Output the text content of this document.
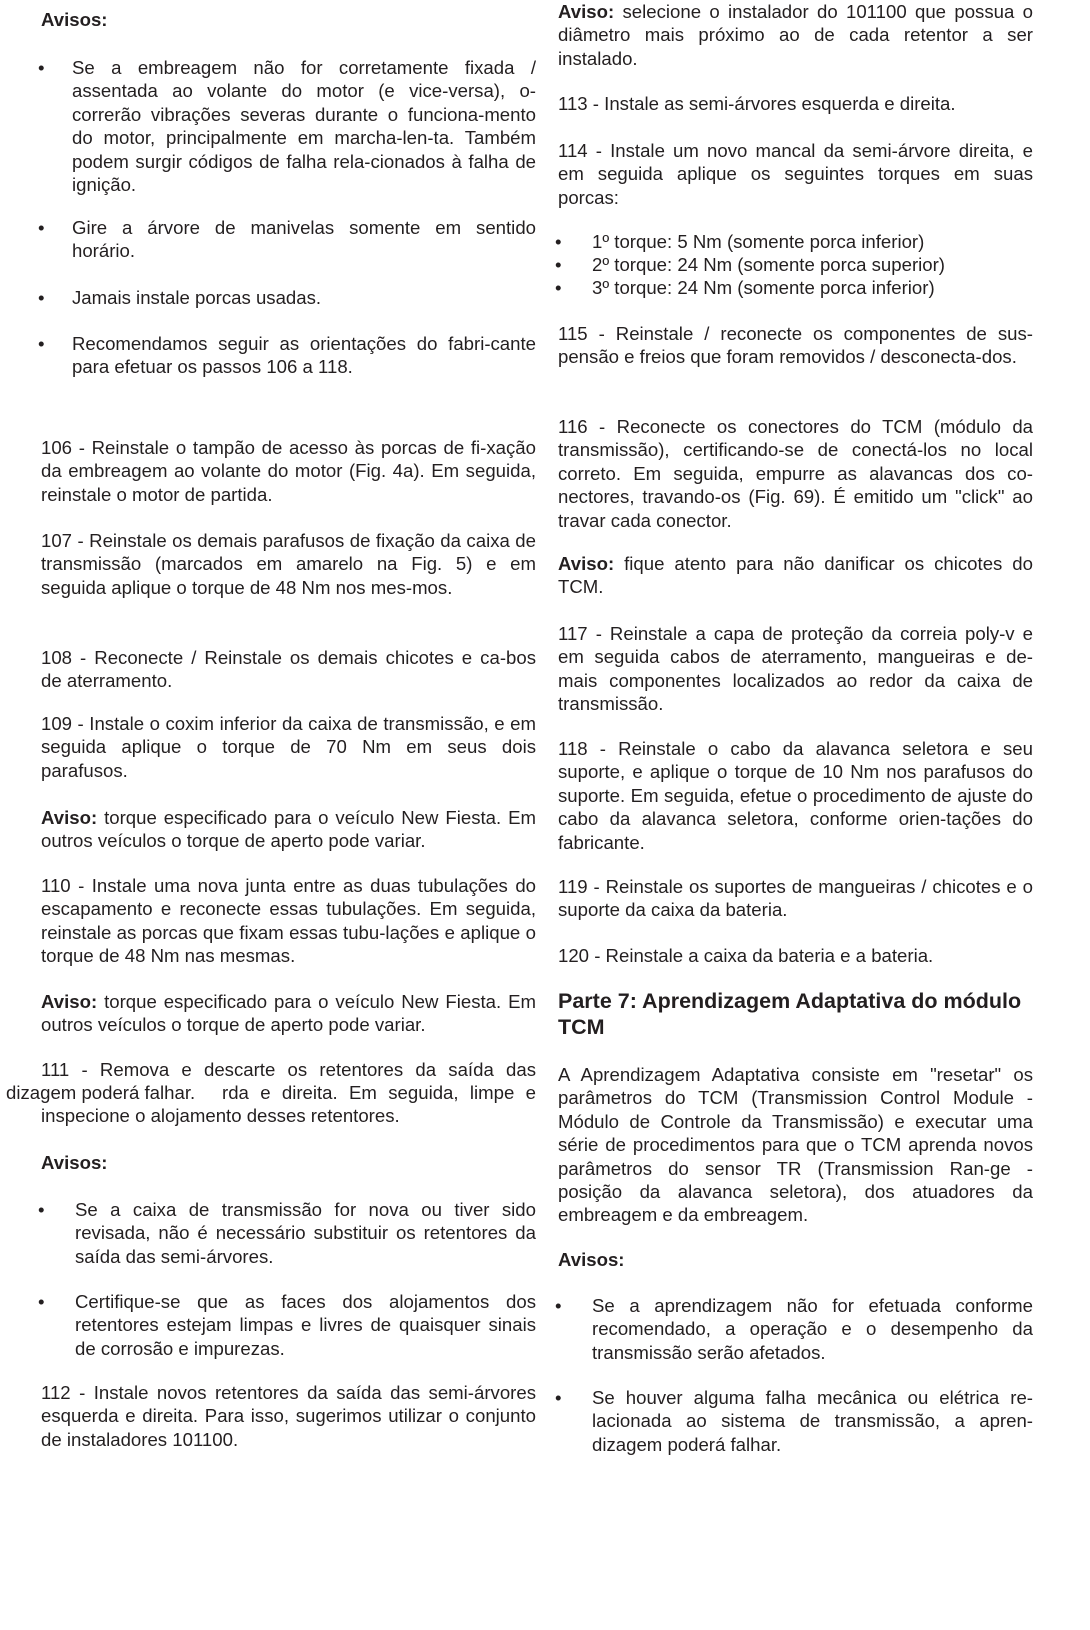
Avisos:

•	Se a embreagem não for corretamente fixada / assentada ao volante do motor (e vice-versa), o-correrão vibrações severas durante o funciona-mento do motor, principalmente em marcha-len-ta. Também podem surgir códigos de falha rela-cionados à falha de ignição.
•	Gire a árvore de manivelas somente em sentido horário.
•	Jamais instale porcas usadas.
•	Recomendamos seguir as orientações do fabri-cante para efetuar os passos 106 a 118.

106 - Reinstale o tampão de acesso às porcas de fi-xação da embreagem ao volante do motor (Fig. 4a). Em seguida, reinstale o motor de partida.

107 - Reinstale os demais parafusos de fixação da caixa de transmissão (marcados em amarelo na Fig. 5) e em seguida aplique o torque de 48 Nm nos mes-mos.

108 - Reconecte / Reinstale os demais chicotes e ca-bos de aterramento.

109 - Instale o coxim inferior da caixa de transmissão, e em seguida aplique o torque de 70 Nm em seus dois parafusos.

Aviso: torque especificado para o veículo New Fiesta. Em outros veículos o torque de aperto pode variar.

110 - Instale uma nova junta entre as duas tubulações do escapamento e reconecte essas tubulações. Em seguida, reinstale as porcas que fixam essas tubu-lações e aplique o torque de 48 Nm nas mesmas.

Aviso: torque especificado para o veículo New Fiesta. Em outros veículos o torque de aperto pode variar.

111 - Remova e descarte os retentores da saída das

inspecione o alojamento desses retentores.

Avisos:

•	Se a caixa de transmissão for nova ou tiver sido revisada, não é necessário substituir os retentores da saída das semi-árvores.
•	Certifique-se que as faces dos alojamentos dos retentores estejam limpas e livres de quaisquer sinais de corrosão e impurezas.

112 - Instale novos retentores da saída das semi-árvores esquerda e direita. Para isso, sugerimos utilizar o conjunto de instaladores 101100.

dizagem poderá falhar. rda e direita. Em seguida, limpe e

Aviso: selecione o instalador do 101100 que possua o diâmetro mais próximo ao de cada retentor a ser instalado.

113 - Instale as semi-árvores esquerda e direita.

114 - Instale um novo mancal da semi-árvore direita, e em seguida aplique os seguintes torques em suas porcas:

•	1º torque: 5 Nm (somente porca inferior)
•	2º torque: 24 Nm (somente porca superior)
•	3º torque: 24 Nm (somente porca inferior)

115 - Reinstale / reconecte os componentes de sus-pensão e freios que foram removidos / desconecta-dos.

116 - Reconecte os conectores do TCM (módulo da transmissão), certificando-se de conectá-los no local correto. Em seguida, empurre as alavancas dos co-nectores, travando-os (Fig. 69). É emitido um "click" ao travar cada conector.

Aviso: fique atento para não danificar os chicotes do TCM.

117 - Reinstale a capa de proteção da correia poly-v e em seguida cabos de aterramento, mangueiras e de-mais componentes localizados ao redor da caixa de transmissão.

118 - Reinstale o cabo da alavanca seletora e seu suporte, e aplique o torque de 10 Nm nos parafusos do suporte. Em seguida, efetue o procedimento de ajuste do cabo da alavanca seletora, conforme orien-tações do fabricante.

119 - Reinstale os suportes de mangueiras / chicotes e o suporte da caixa da bateria.

120 - Reinstale a caixa da bateria e a bateria.

Parte 7: Aprendizagem Adaptativa do módulo TCM

A Aprendizagem Adaptativa consiste em "resetar" os parâmetros do TCM (Transmission Control Module - Módulo de Controle da Transmissão) e executar uma série de procedimentos para que o TCM aprenda novos parâmetros do sensor TR (Transmission Ran-ge - posição da alavanca seletora), dos atuadores da embreagem e da embreagem.

Avisos:

•	Se a aprendizagem não for efetuada conforme recomendado, a operação e o desempenho da transmissão serão afetados.
•	Se houver alguma falha mecânica ou elétrica re-lacionada ao sistema de transmissão, a apren-dizagem poderá falhar.
